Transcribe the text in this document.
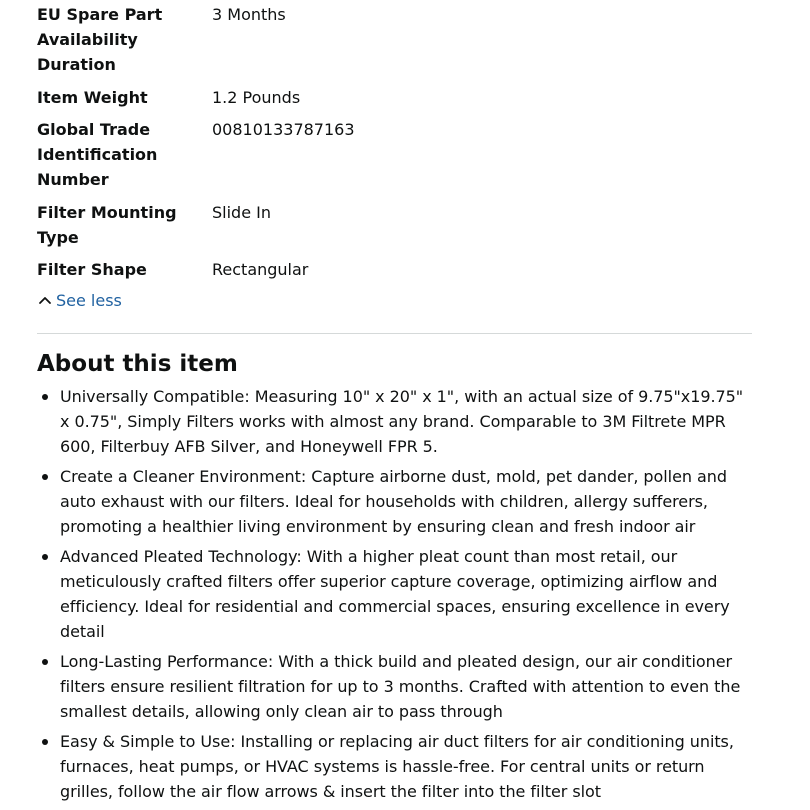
EU Spare Part Availability Duration
3 Months
Item Weight	1.2 Pounds
Global Trade Identification Number
00810133787163
Filter Mounting Type
Slide In
Filter Shape	Rectangular
See less
About this item
Universally Compatible: Measuring 10" x 20" x 1", with an actual size of 9.75"x19.75" x 0.75", Simply Filters works with almost any brand. Comparable to 3M Filtrete MPR 600, Filterbuy AFB Silver, and Honeywell FPR 5.
Create a Cleaner Environment: Capture airborne dust, mold, pet dander, pollen and auto exhaust with our filters. Ideal for households with children, allergy sufferers, promoting a healthier living environment by ensuring clean and fresh indoor air
Advanced Pleated Technology: With a higher pleat count than most retail, our meticulously crafted filters offer superior capture coverage, optimizing airflow and efficiency. Ideal for residential and commercial spaces, ensuring excellence in every detail
Long-Lasting Performance: With a thick build and pleated design, our air conditioner filters ensure resilient filtration for up to 3 months. Crafted with attention to even the smallest details, allowing only clean air to pass through
Easy & Simple to Use: Installing or replacing air duct filters for air conditioning units, furnaces, heat pumps, or HVAC systems is hassle-free. For central units or return grilles, follow the air flow arrows & insert the filter into the filter slot
